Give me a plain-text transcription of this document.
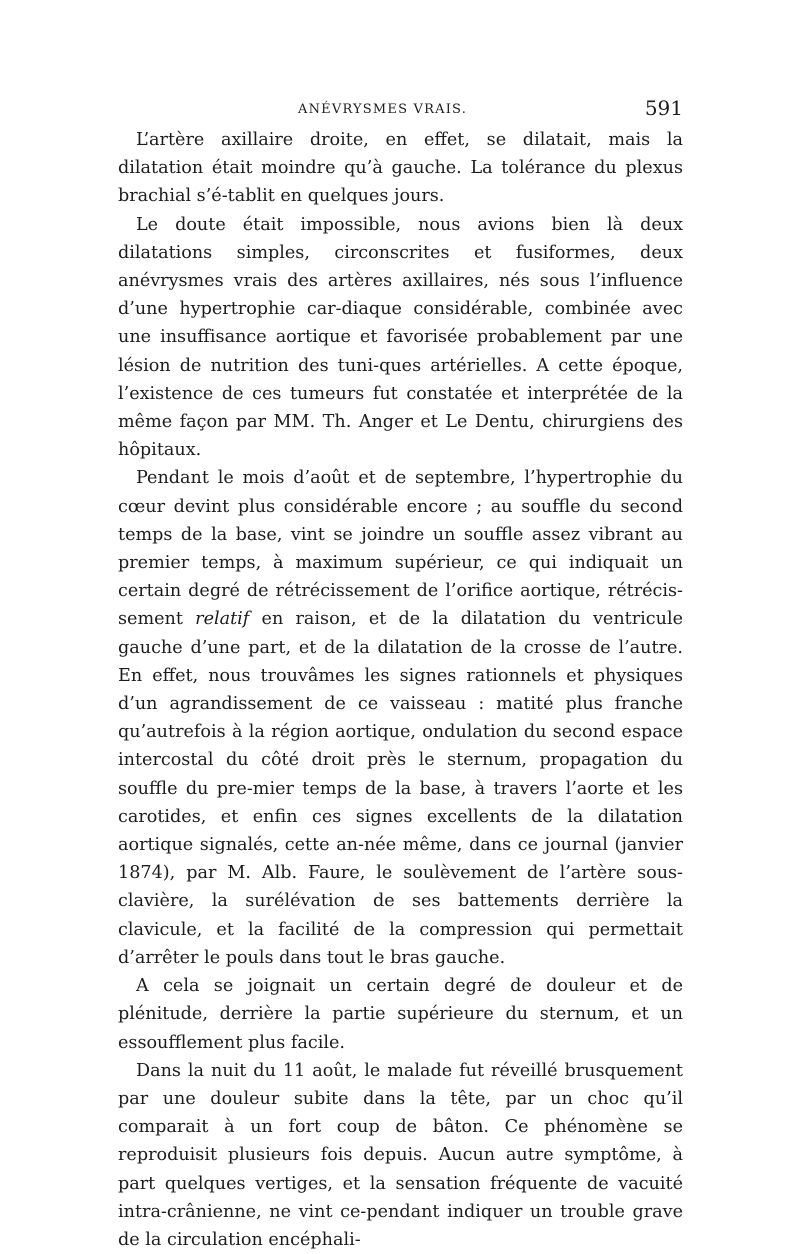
ANÉVRYSMES VRAIS.	591

L’artère axillaire droite, en effet, se dilatait, mais la dilatation était moindre qu’à gauche. La tolérance du plexus brachial s’é-tablit en quelques jours.

Le doute était impossible, nous avions bien là deux dilatations simples, circonscrites et fusiformes, deux anévrysmes vrais des artères axillaires, nés sous l’influence d’une hypertrophie car-diaque considérable, combinée avec une insuffisance aortique et favorisée probablement par une lésion de nutrition des tuni-ques artérielles. A cette époque, l’existence de ces tumeurs fut constatée et interprétée de la même façon par MM. Th. Anger et Le Dentu, chirurgiens des hôpitaux.

Pendant le mois d’août et de septembre, l’hypertrophie du cœur devint plus considérable encore ; au souffle du second temps de la base, vint se joindre un souffle assez vibrant au premier temps, à maximum supérieur, ce qui indiquait un certain degré de rétrécissement de l’orifice aortique, rétrécis-sement relatif en raison, et de la dilatation du ventricule gauche d’une part, et de la dilatation de la crosse de l’autre. En effet, nous trouvâmes les signes rationnels et physiques d’un agrandissement de ce vaisseau : matité plus franche qu’autrefois à la région aortique, ondulation du second espace intercostal du côté droit près le sternum, propagation du souffle du pre-mier temps de la base, à travers l’aorte et les carotides, et enfin ces signes excellents de la dilatation aortique signalés, cette an-née même, dans ce journal (janvier 1874), par M. Alb. Faure, le soulèvement de l’artère sous-clavière, la surélévation de ses battements derrière la clavicule, et la facilité de la compression qui permettait d’arrêter le pouls dans tout le bras gauche.

A cela se joignait un certain degré de douleur et de plénitude, derrière la partie supérieure du sternum, et un essoufflement plus facile.

Dans la nuit du 11 août, le malade fut réveillé brusquement par une douleur subite dans la tête, par un choc qu’il comparait à un fort coup de bâton. Ce phénomène se reproduisit plusieurs fois depuis. Aucun autre symptôme, à part quelques vertiges, et la sensation fréquente de vacuité intra-crânienne, ne vint ce-pendant indiquer un trouble grave de la circulation encéphali-
